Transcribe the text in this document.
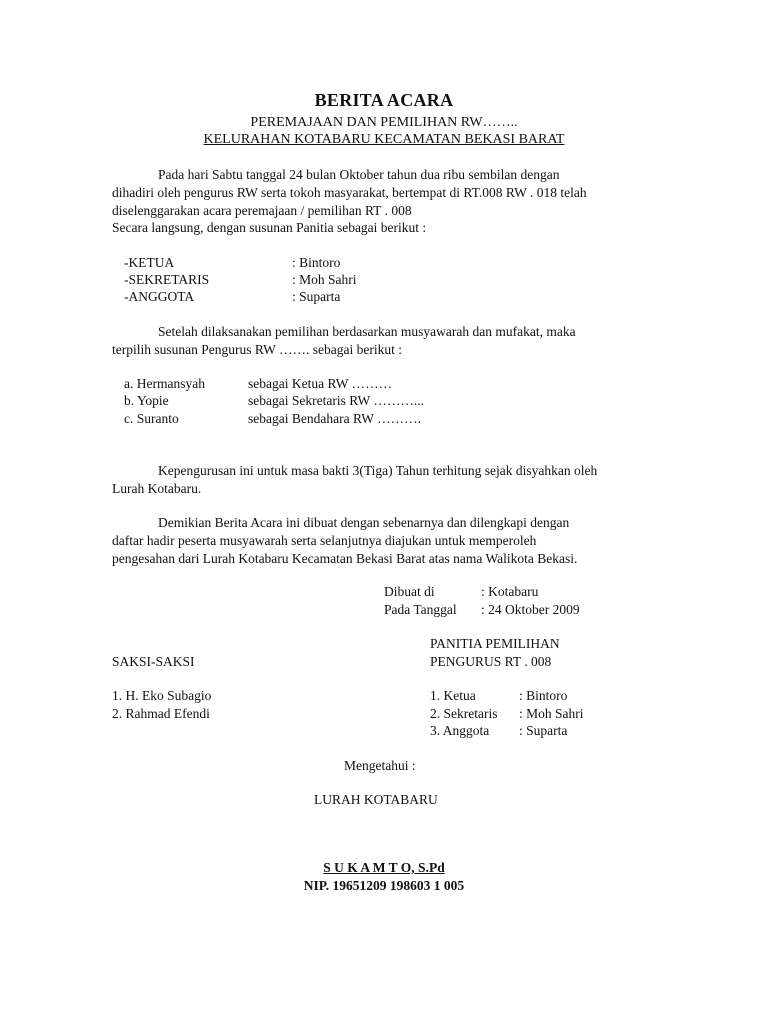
BERITA ACARA
PEREMAJAAN DAN PEMILIHAN RW……..
KELURAHAN KOTABARU KECAMATAN BEKASI BARAT
Pada hari Sabtu tanggal 24 bulan Oktober tahun dua ribu sembilan dengan
dihadiri oleh pengurus RW serta tokoh masyarakat, bertempat di RT.008 RW . 018 telah
diselenggarakan acara peremajaan / pemilihan RT . 008
Secara langsung, dengan susunan Panitia sebagai berikut :
-KETUA	: Bintoro
-SEKRETARIS	: Moh Sahri
-ANGGOTA	: Suparta
Setelah dilaksanakan pemilihan berdasarkan musyawarah dan mufakat, maka
terpilih susunan Pengurus RW ……. sebagai berikut :
a. Hermansyah	sebagai Ketua RW ………
b. Yopie	sebagai Sekretaris RW ………...
c. Suranto	sebagai Bendahara RW ……….
Kepengurusan ini untuk masa bakti 3(Tiga) Tahun terhitung sejak disyahkan oleh
Lurah Kotabaru.
Demikian Berita Acara ini dibuat dengan sebenarnya dan dilengkapi dengan
daftar hadir peserta musyawarah serta selanjutnya diajukan untuk memperoleh
pengesahan dari Lurah Kotabaru Kecamatan Bekasi Barat atas nama Walikota Bekasi.
Dibuat di	: Kotabaru
Pada Tanggal : 24 Oktober 2009
PANITIA PEMILIHAN
PENGURUS RT . 008
SAKSI-SAKSI
1. H. Eko Subagio
2. Rahmad Efendi
1. Ketua	: Bintoro
2. Sekretaris : Moh Sahri
3. Anggota : Suparta
Mengetahui :
LURAH KOTABARU
S U K A M T O, S.Pd
NIP. 19651209 198603 1 005
